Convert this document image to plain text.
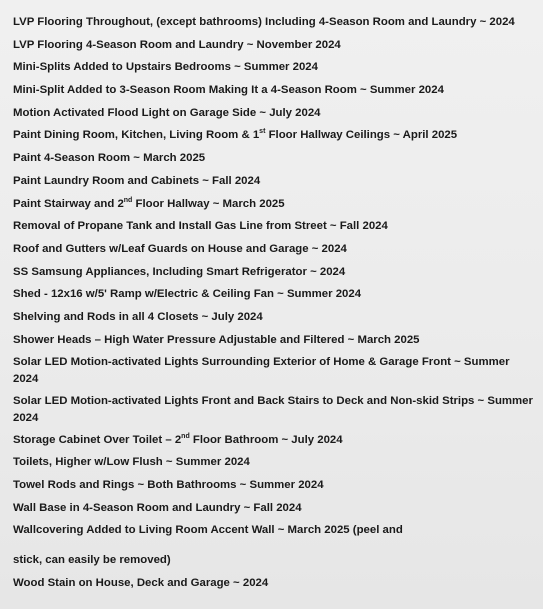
LVP Flooring Throughout, (except bathrooms) Including 4-Season Room and Laundry ~ 2024
LVP Flooring 4-Season Room and Laundry ~ November 2024
Mini-Splits Added to Upstairs Bedrooms ~ Summer 2024
Mini-Split Added to 3-Season Room Making It a 4-Season Room ~ Summer 2024
Motion Activated Flood Light on Garage Side ~ July 2024
Paint Dining Room, Kitchen, Living Room & 1st Floor Hallway Ceilings ~ April 2025
Paint 4-Season Room ~ March 2025
Paint Laundry Room and Cabinets ~ Fall 2024
Paint Stairway and 2nd Floor Hallway ~ March 2025
Removal of Propane Tank and Install Gas Line from Street ~ Fall 2024
Roof and Gutters w/Leaf Guards on House and Garage ~ 2024
SS Samsung Appliances, Including Smart Refrigerator ~ 2024
Shed - 12x16 w/5' Ramp w/Electric & Ceiling Fan ~ Summer 2024
Shelving and Rods in all 4 Closets ~ July 2024
Shower Heads – High Water Pressure Adjustable and Filtered ~ March 2025
Solar LED Motion-activated Lights Surrounding Exterior of Home & Garage Front ~ Summer 2024
Solar LED Motion-activated Lights Front and Back Stairs to Deck and Non-skid Strips ~ Summer 2024
Storage Cabinet Over Toilet – 2nd Floor Bathroom ~ July 2024
Toilets, Higher w/Low Flush ~ Summer 2024
Towel Rods and Rings ~ Both Bathrooms ~ Summer 2024
Wall Base in 4-Season Room and Laundry ~ Fall 2024
Wallcovering Added to Living Room Accent Wall ~ March 2025 (peel and
stick, can easily be removed)
Wood Stain on House, Deck and Garage ~ 2024
